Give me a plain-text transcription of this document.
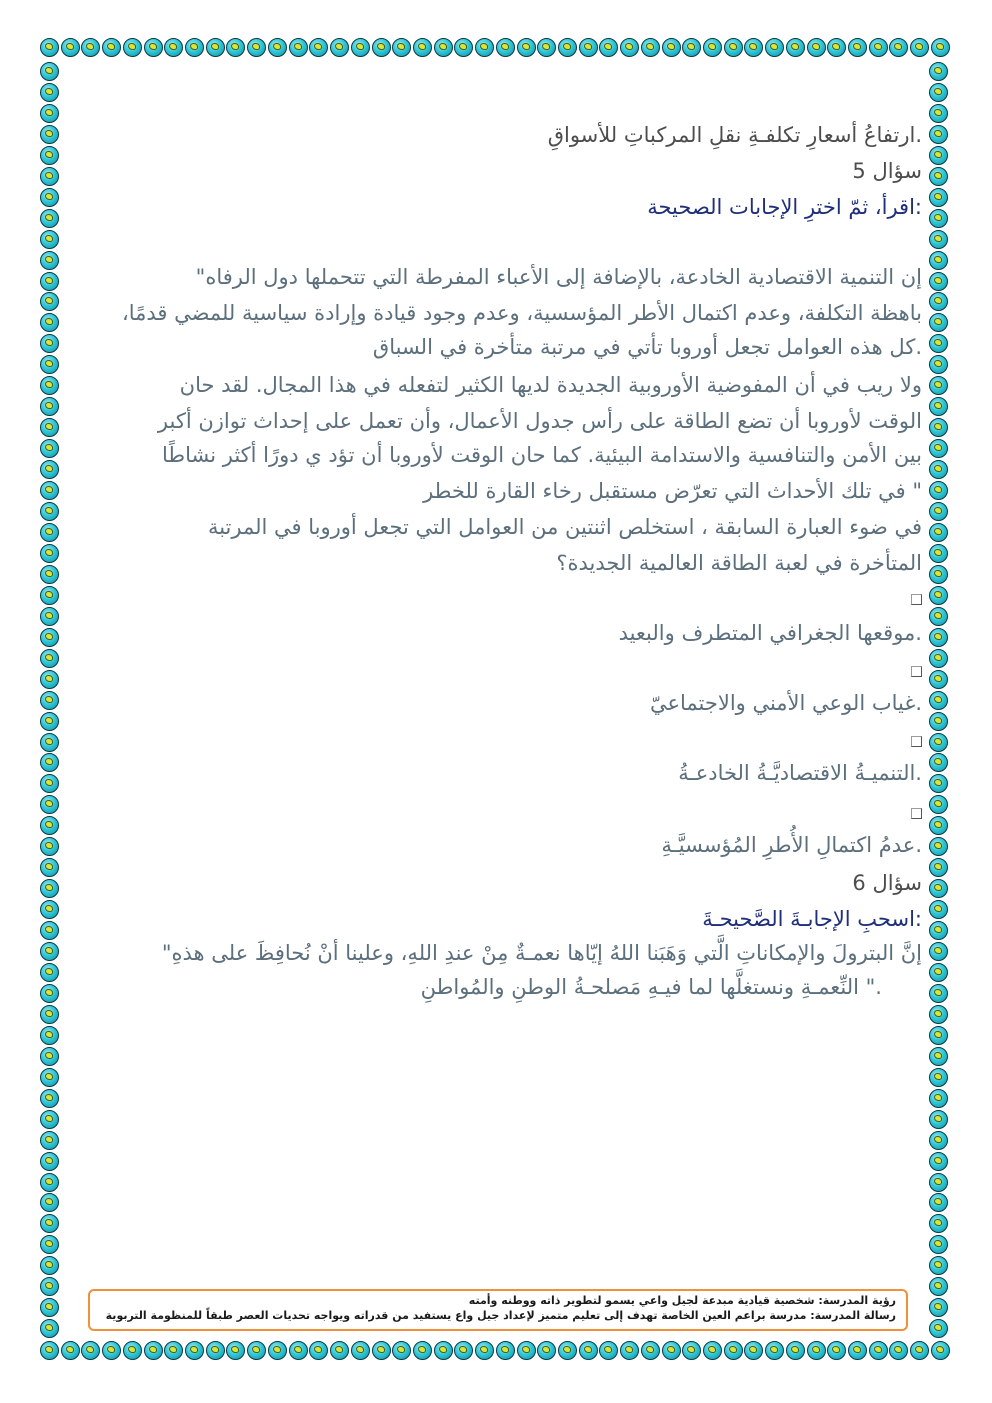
.ارتفاعُ أسعارِ تكلفـةِ نقلِ المركباتِ للأسواقِ
سؤال 5
:اقرأ، ثمّ اخترِ الإجابات الصحيحة
إن التنمية الاقتصادية الخادعة، بالإضافة إلى الأعباء المفرطة التي تتحملها دول الرفاه"
باهظة التكلفة، وعدم اكتمال الأطر المؤسسية، وعدم وجود قيادة وإرادة سياسية للمضي قدمًا،
.كل هذه العوامل تجعل أوروبا تأتي في مرتبة متأخرة في السباق
ولا ريب في أن المفوضية الأوروبية الجديدة لديها الكثير لتفعله في هذا المجال. لقد حان
الوقت لأوروبا أن تضع الطاقة على رأس جدول الأعمال، وأن تعمل على إحداث توازن أكبر
بين الأمن والتنافسية والاستدامة البيئية. كما حان الوقت لأوروبا أن تؤد ي دورًا أكثر نشاطًا
" في تلك الأحداث التي تعرّض مستقبل رخاء القارة للخطر
في ضوء العبارة السابقة ، استخلص اثنتين من العوامل التي تجعل أوروبا في المرتبة
المتأخرة في لعبة الطاقة العالمية الجديدة؟
.موقعها الجغرافي المتطرف والبعيد
.غياب الوعي الأمني والاجتماعيّ
.التنميـةُ الاقتصاديَّـةُ الخادعـةُ
.عدمُ اكتمالِ الأُطرِ المُؤسسيَّـةِ
سؤال 6
:اسحبِ الإجابـةَ الصَّحيحـةَ
إنَّ البترولَ والإمكاناتِ الَّتي وَهَبَنا اللهُ إيّاها نعمـةٌ مِنْ عندِ اللهِ، وعلينا أنْ نُحافِظَ على هذهِ"
." النِّعمـةِ ونستغلَّها لما فيـهِ مَصلحـةُ الوطنِ والمُواطنِ
رؤية المدرسة: شخصية قيادية مبدعة لجيل واعي يسمو لتطوير ذاته ووطنه وأمته
رسالة المدرسة: مدرسة براعم العين الخاصة تهدف إلى تعليم متميز لإعداد جيل واع يستفيد من قدراته ويواجه تحديات العصر طبقاً للمنظومة التربوية
